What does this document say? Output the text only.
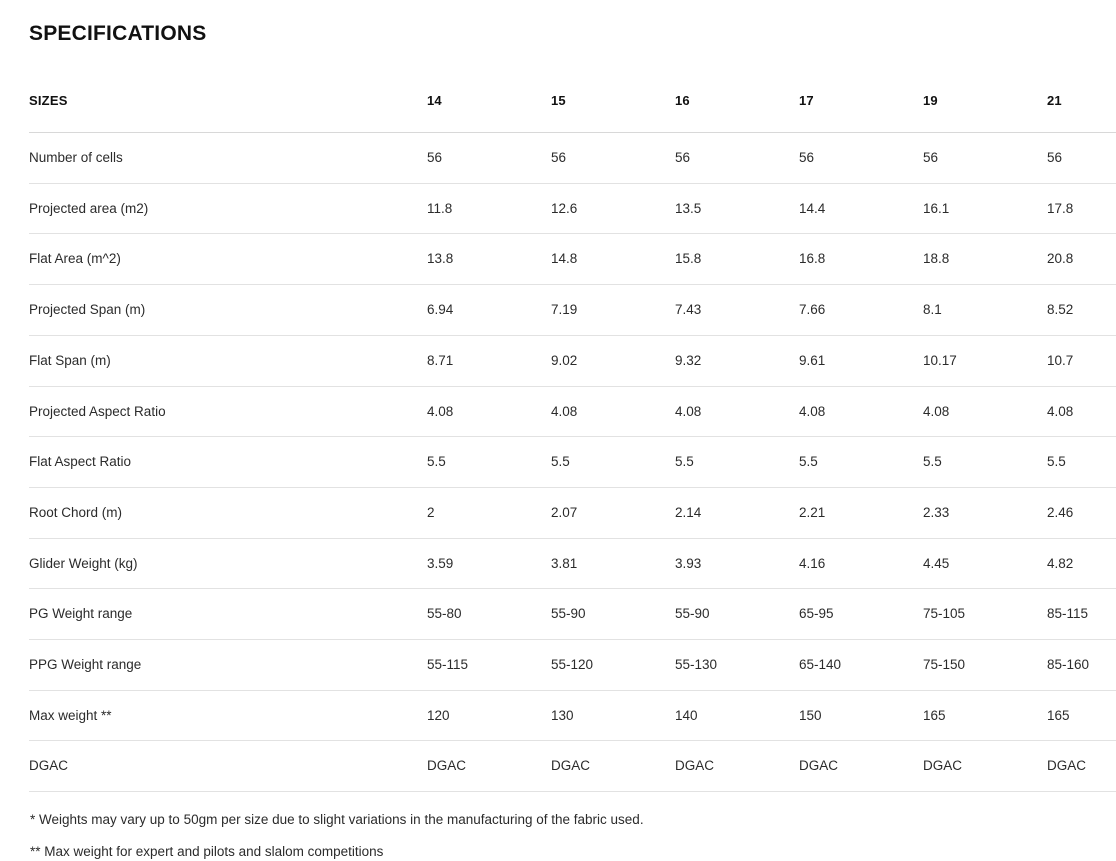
SPECIFICATIONS
SIZES	14	15	16	17	19	21
Number of cells	56	56	56	56	56	56
Projected area (m2)	11.8	12.6	13.5	14.4	16.1	17.8
Flat Area (m^2)	13.8	14.8	15.8	16.8	18.8	20.8
Projected Span (m)	6.94	7.19	7.43	7.66	8.1	8.52
Flat Span (m)	8.71	9.02	9.32	9.61	10.17	10.7
Projected Aspect Ratio	4.08	4.08	4.08	4.08	4.08	4.08
Flat Aspect Ratio	5.5	5.5	5.5	5.5	5.5	5.5
Root Chord (m)	2	2.07	2.14	2.21	2.33	2.46
Glider Weight (kg)	3.59	3.81	3.93	4.16	4.45	4.82
PG Weight range	55-80	55-90	55-90	65-95	75-105	85-115
PPG Weight range	55-115	55-120	55-130	65-140	75-150	85-160
Max weight **	120	130	140	150	165	165
DGAC	DGAC	DGAC	DGAC	DGAC	DGAC	DGAC
* Weights may vary up to 50gm per size due to slight variations in the manufacturing of the fabric used.
** Max weight for expert and pilots and slalom competitions
